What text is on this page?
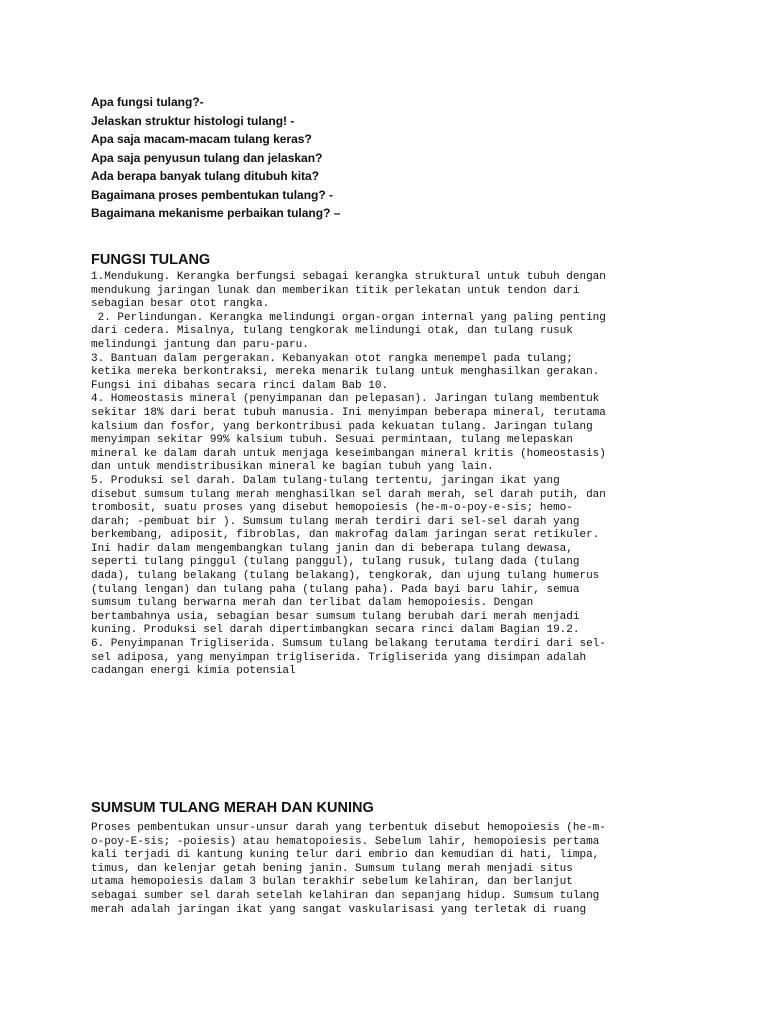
Apa fungsi tulang?-
Jelaskan struktur histologi tulang! -
Apa saja macam-macam tulang keras?
Apa saja penyusun tulang dan jelaskan?
Ada berapa banyak tulang ditubuh kita?
Bagaimana proses pembentukan tulang? -
Bagaimana mekanisme perbaikan tulang? –
FUNGSI TULANG
1.Mendukung. Kerangka berfungsi sebagai kerangka struktural untuk tubuh dengan
mendukung jaringan lunak dan memberikan titik perlekatan untuk tendon dari
sebagian besar otot rangka.
2. Perlindungan. Kerangka melindungi organ-organ internal yang paling penting
dari cedera. Misalnya, tulang tengkorak melindungi otak, dan tulang rusuk
melindungi jantung dan paru-paru.
3. Bantuan dalam pergerakan. Kebanyakan otot rangka menempel pada tulang;
ketika mereka berkontraksi, mereka menarik tulang untuk menghasilkan gerakan.
Fungsi ini dibahas secara rinci dalam Bab 10.
4. Homeostasis mineral (penyimpanan dan pelepasan). Jaringan tulang membentuk
sekitar 18% dari berat tubuh manusia. Ini menyimpan beberapa mineral, terutama
kalsium dan fosfor, yang berkontribusi pada kekuatan tulang. Jaringan tulang
menyimpan sekitar 99% kalsium tubuh. Sesuai permintaan, tulang melepaskan
mineral ke dalam darah untuk menjaga keseimbangan mineral kritis (homeostasis)
dan untuk mendistribusikan mineral ke bagian tubuh yang lain.
5. Produksi sel darah. Dalam tulang-tulang tertentu, jaringan ikat yang
disebut sumsum tulang merah menghasilkan sel darah merah, sel darah putih, dan
trombosit, suatu proses yang disebut hemopoiesis (he-m-o-poy-e-sis; hemo-
darah; -pembuat bir ). Sumsum tulang merah terdiri dari sel-sel darah yang
berkembang, adiposit, fibroblas, dan makrofag dalam jaringan serat retikuler.
Ini hadir dalam mengembangkan tulang janin dan di beberapa tulang dewasa,
seperti tulang pinggul (tulang panggul), tulang rusuk, tulang dada (tulang
dada), tulang belakang (tulang belakang), tengkorak, dan ujung tulang humerus
(tulang lengan) dan tulang paha (tulang paha). Pada bayi baru lahir, semua
sumsum tulang berwarna merah dan terlibat dalam hemopoiesis. Dengan
bertambahnya usia, sebagian besar sumsum tulang berubah dari merah menjadi
kuning. Produksi sel darah dipertimbangkan secara rinci dalam Bagian 19.2.
6. Penyimpanan Trigliserida. Sumsum tulang belakang terutama terdiri dari sel-
sel adiposa, yang menyimpan trigliserida. Trigliserida yang disimpan adalah
cadangan energi kimia potensial
SUMSUM TULANG MERAH DAN KUNING
Proses pembentukan unsur-unsur darah yang terbentuk disebut hemopoiesis (he-m-
o-poy-E-sis; -poiesis) atau hematopoiesis. Sebelum lahir, hemopoiesis pertama
kali terjadi di kantung kuning telur dari embrio dan kemudian di hati, limpa,
timus, dan kelenjar getah bening janin. Sumsum tulang merah menjadi situs
utama hemopoiesis dalam 3 bulan terakhir sebelum kelahiran, dan berlanjut
sebagai sumber sel darah setelah kelahiran dan sepanjang hidup. Sumsum tulang
merah adalah jaringan ikat yang sangat vaskularisasi yang terletak di ruang
